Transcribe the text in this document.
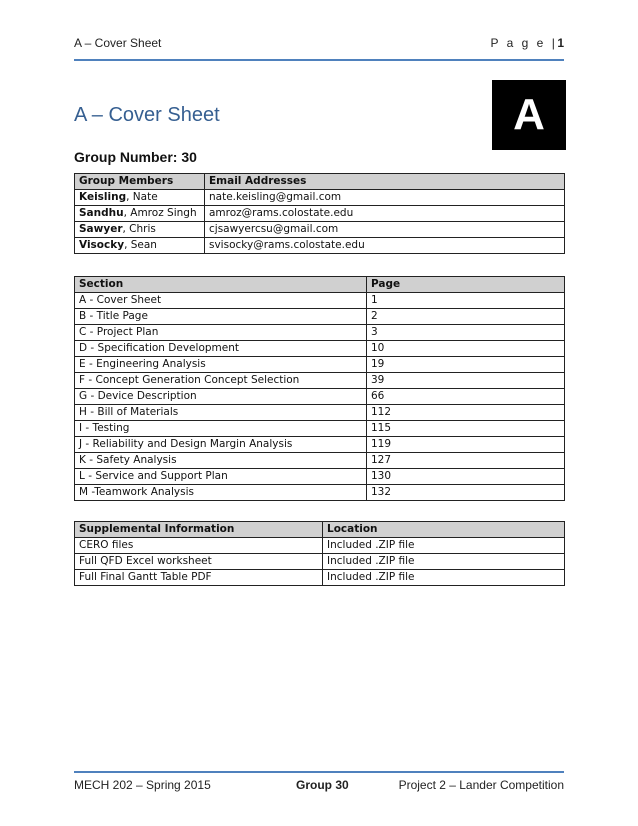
A – Cover Sheet	P a g e |1
A – Cover Sheet	A
Group Number: 30
Group Members	Email Addresses
Keisling, Nate	nate.keisling@gmail.com
Sandhu, Amroz Singh	amroz@rams.colostate.edu
Sawyer, Chris	cjsawyercsu@gmail.com
Visocky, Sean	svisocky@rams.colostate.edu
Section	Page
A - Cover Sheet	1
B - Title Page	2
C - Project Plan	3
D - Specification Development	10
E - Engineering Analysis	19
F - Concept Generation Concept Selection	39
G - Device Description	66
H - Bill of Materials	112
I - Testing	115
J - Reliability and Design Margin Analysis	119
K - Safety Analysis	127
L - Service and Support Plan	130
M -Teamwork Analysis	132
Supplemental Information	Location
CERO files	Included .ZIP file
Full QFD Excel worksheet	Included .ZIP file
Full Final Gantt Table PDF	Included .ZIP file
MECH 202 – Spring 2015	Group 30	Project 2 – Lander Competition
